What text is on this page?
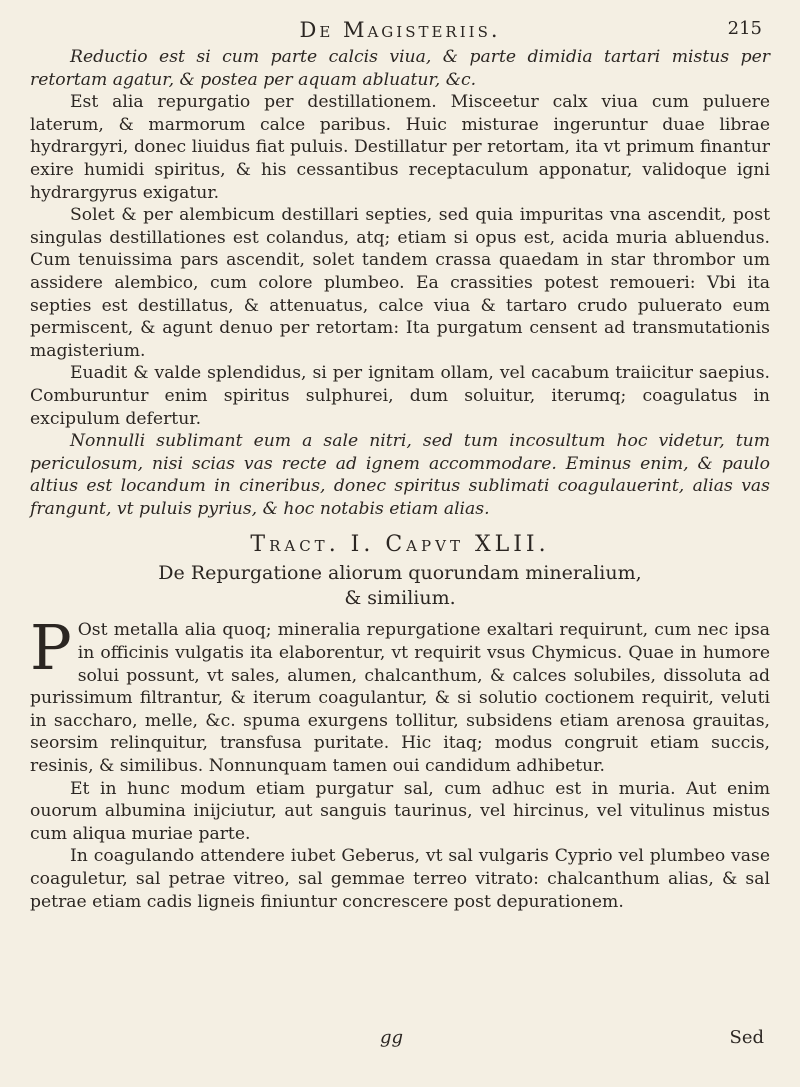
De Magisteriis.	215

Reductio est si cum parte calcis viua, & parte dimidia tartari mistus per retortam agatur, & postea per aquam abluatur, &c.

Est alia repurgatio per destillationem. Misceetur calx viua cum puluere laterum, & marmorum calce paribus. Huic misturae ingeruntur duae librae hydrargyri, donec liuidus fiat puluis. Destillatur per retortam, ita vt primum finantur exire humidi spiritus, & his cessantibus receptaculum apponatur, validoque igni hydrargyrus exigatur.

Solet & per alembicum destillari septies, sed quia impuritas vna ascendit, post singulas destillationes est colandus, atq; etiam si opus est, acida muria abluendus. Cum tenuissima pars ascendit, solet tandem crassa quaedam in star thrombor um assidere alembico, cum colore plumbeo. Ea crassities potest remoueri: Vbi ita septies est destillatus, & attenuatus, calce viua & tartaro crudo puluerato eum permiscent, & agunt denuo per retortam: Ita purgatum censent ad transmutationis magisterium.

Euadit & valde splendidus, si per ignitam ollam, vel cacabum traiicitur saepius. Comburuntur enim spiritus sulphurei, dum soluitur, iterumq; coagulatus in excipulum defertur.

Nonnulli sublimant eum a sale nitri, sed tum incosultum hoc videtur, tum periculosum, nisi scias vas recte ad ignem accommodare. Eminus enim, & paulo altius est locandum in cineribus, donec spiritus sublimati coagulauerint, alias vas frangunt, vt puluis pyrius, & hoc notabis etiam alias.

Tract. I. Capvt XLII.
De Repurgatione aliorum quorundam mineralium,
& similium.

P Ost metalla alia quoq; mineralia repurgatione exaltari requirunt, cum nec ipsa in officinis vulgatis ita elaborentur, vt requirit vsus Chymicus. Quae in humore solui possunt, vt sales, alumen, chalcanthum, & calces solubiles, dissoluta ad purissimum filtrantur, & iterum coagulantur, & si solutio coctionem requirit, veluti in saccharo, melle, &c. spuma exurgens tollitur, subsidens etiam arenosa grauitas, seorsim relinquitur, transfusa puritate. Hic itaq; modus congruit etiam succis, resinis, & similibus. Nonnunquam tamen oui candidum adhibetur.

Et in hunc modum etiam purgatur sal, cum adhuc est in muria. Aut enim ouorum albumina inijciutur, aut sanguis taurinus, vel hircinus, vel vitulinus mistus cum aliqua muriae parte.

In coagulando attendere iubet Geberus, vt sal vulgaris Cyprio vel plumbeo vase coaguletur, sal petrae vitreo, sal gemmae terreo vitrato: chalcanthum alias, & sal petrae etiam cadis ligneis finiuntur concrescere post depurationem.

gg	Sed
